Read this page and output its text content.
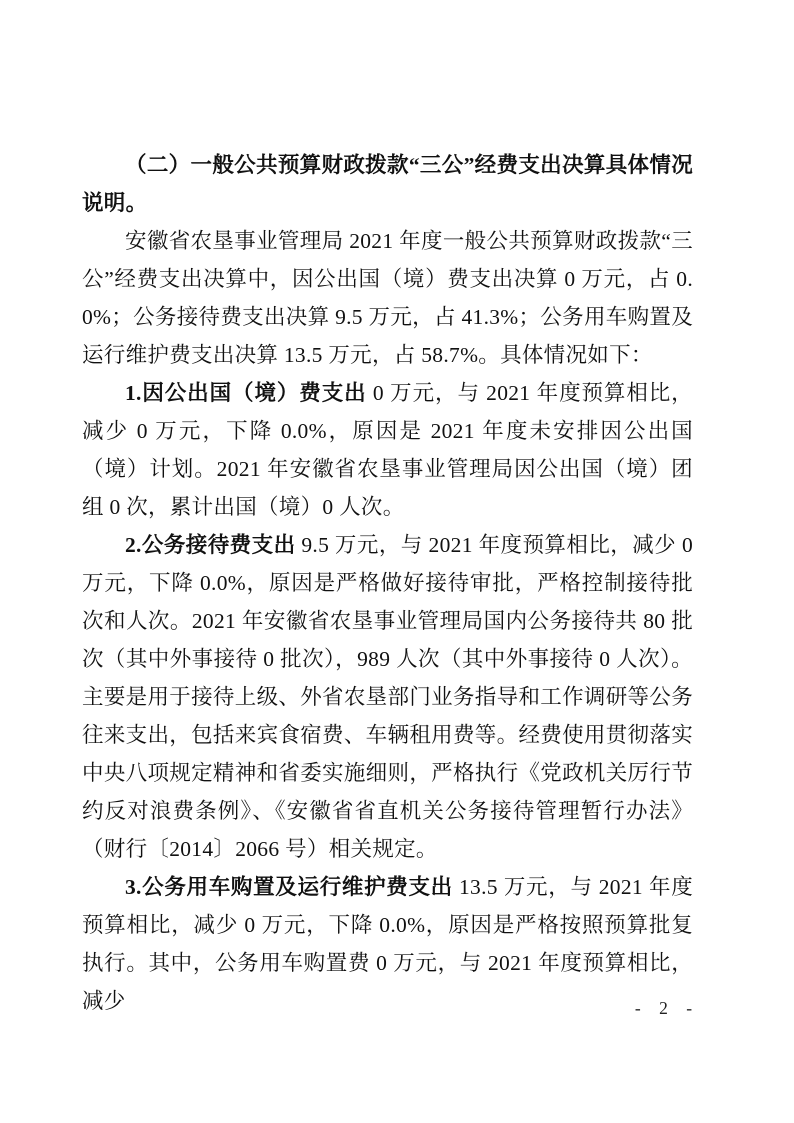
（二）一般公共预算财政拨款“三公”经费支出决算具体情况说明。

安徽省农垦事业管理局 2021 年度一般公共预算财政拨款“三公”经费支出决算中，因公出国（境）费支出决算 0 万元，占 0.0%；公务接待费支出决算 9.5 万元，占 41.3%；公务用车购置及运行维护费支出决算 13.5 万元，占 58.7%。具体情况如下：

1.因公出国（境）费支出 0 万元，与 2021 年度预算相比，减少 0 万元，下降 0.0%，原因是 2021 年度未安排因公出国（境）计划。2021 年安徽省农垦事业管理局因公出国（境）团组 0 次，累计出国（境）0 人次。

2.公务接待费支出 9.5 万元，与 2021 年度预算相比，减少 0 万元，下降 0.0%，原因是严格做好接待审批，严格控制接待批次和人次。2021 年安徽省农垦事业管理局国内公务接待共 80 批次（其中外事接待 0 批次），989 人次（其中外事接待 0 人次）。主要是用于接待上级、外省农垦部门业务指导和工作调研等公务往来支出，包括来宾食宿费、车辆租用费等。经费使用贯彻落实中央八项规定精神和省委实施细则，严格执行《党政机关厉行节约反对浪费条例》、《安徽省省直机关公务接待管理暂行办法》（财行〔2014〕2066 号）相关规定。

3.公务用车购置及运行维护费支出 13.5 万元，与 2021 年度预算相比，减少 0 万元，下降 0.0%，原因是严格按照预算批复执行。其中，公务用车购置费 0 万元，与 2021 年度预算相比，减少	- 2 -
